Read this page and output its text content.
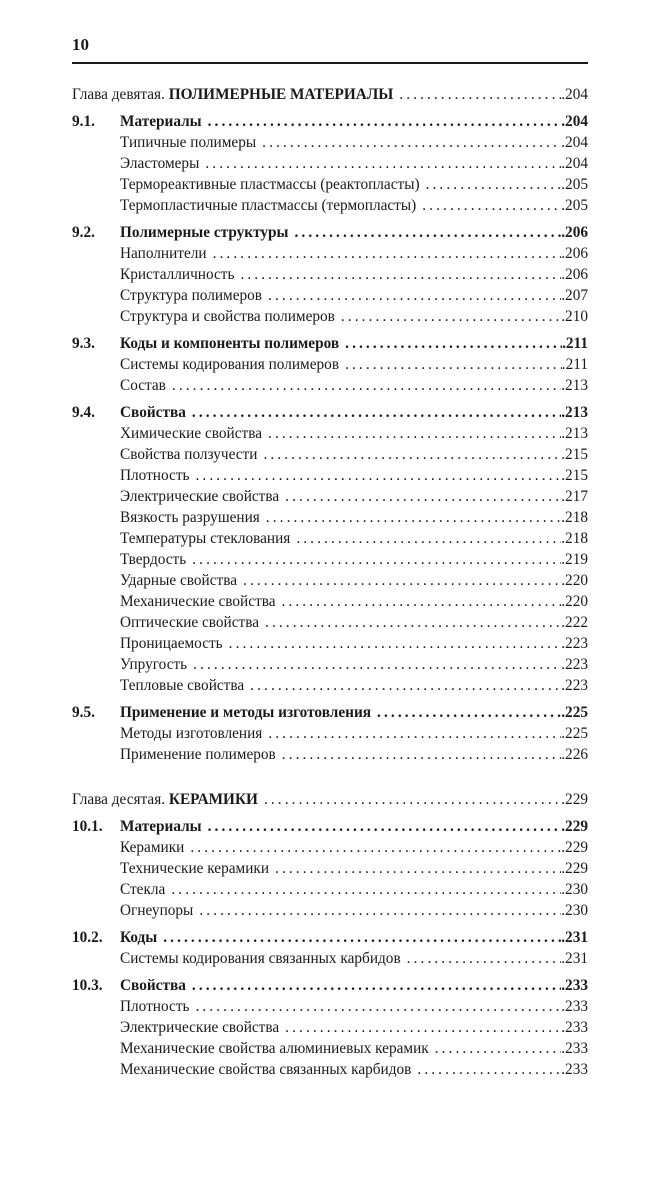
10
Глава девятая. ПОЛИМЕРНЫЕ МАТЕРИАЛЫ .....	.204
9.1. Материалы .....	.204
Типичные полимеры .....	.204
Эластомеры .....	.204
Термореактивные пластмассы (реактопласты) .....	.205
Термопластичные пластмассы (термопласты) .....	.205
9.2. Полимерные структуры .....	.206
Наполнители .....	.206
Кристалличность .....	.206
Структура полимеров .....	.207
Структура и свойства полимеров .....	.210
9.3. Коды и компоненты полимеров .....	.211
Системы кодирования полимеров .....	.211
Состав .....	.213
9.4. Свойства .....	.213
Химические свойства .....	.213
Свойства ползучести .....	.215
Плотность .....	.215
Электрические свойства .....	.217
Вязкость разрушения .....	.218
Температуры стеклования .....	.218
Твердость .....	.219
Ударные свойства .....	.220
Механические свойства .....	.220
Оптические свойства .....	.222
Проницаемость .....	.223
Упругость .....	.223
Тепловые свойства .....	.223
9.5. Применение и методы изготовления .....	.225
Методы изготовления .....	.225
Применение полимеров .....	.226
Глава десятая. КЕРАМИКИ .....	.229
10.1. Материалы .....	.229
Керамики .....	.229
Технические керамики .....	.229
Стекла .....	.230
Огнеупоры .....	.230
10.2. Коды .....	.231
Системы кодирования связанных карбидов .....	.231
10.3. Свойства .....	.233
Плотность .....	.233
Электрические свойства .....	.233
Механические свойства алюминиевых керамик .....	.233
Механические свойства связанных карбидов .....	.233
